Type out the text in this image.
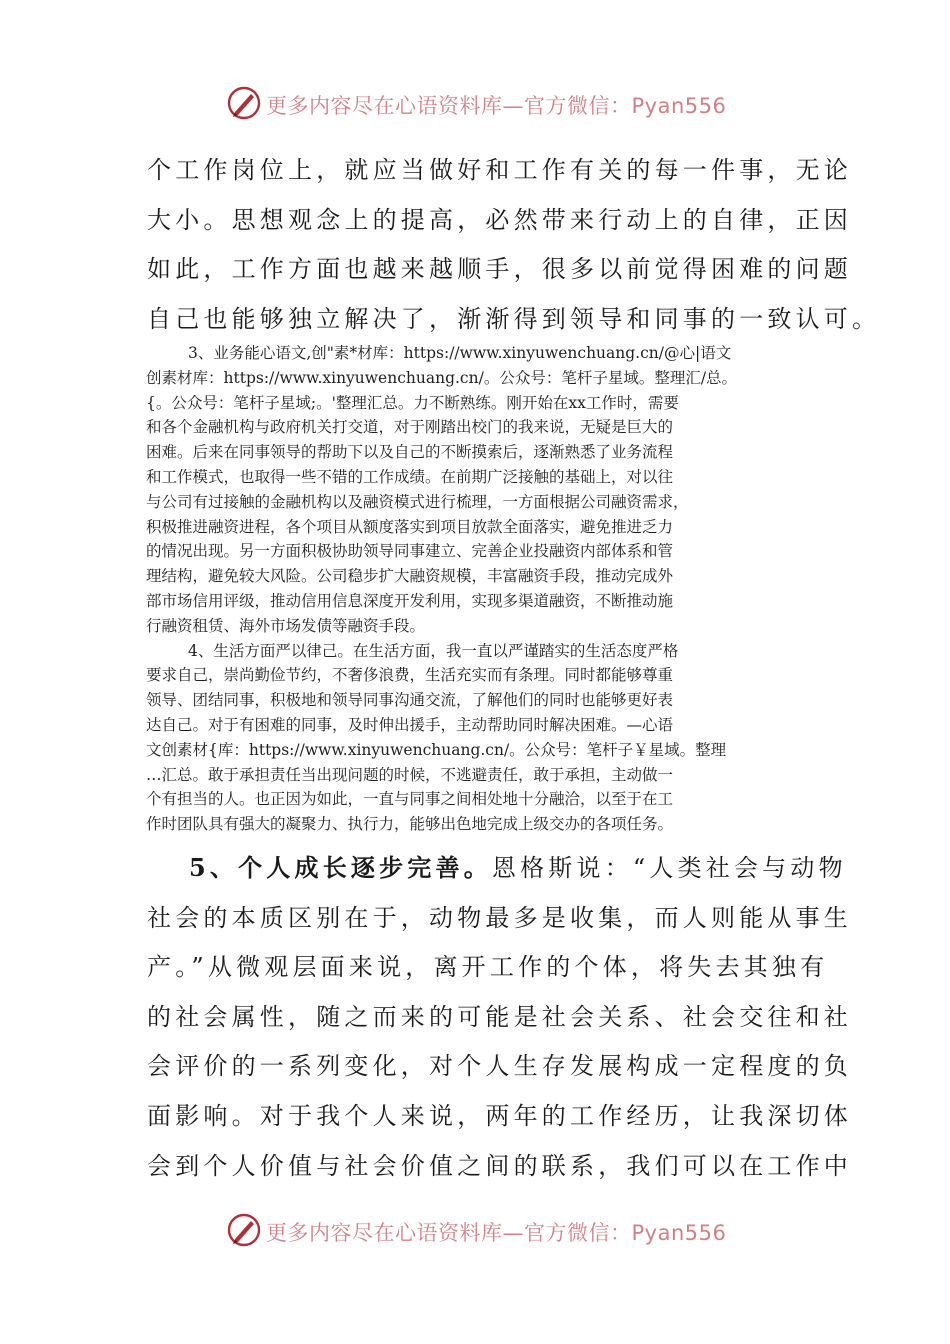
更多内容尽在心语资料库—官方微信：Pyan556
个工作岗位上，就应当做好和工作有关的每一件事，无论
大小。思想观念上的提高，必然带来行动上的自律，正因
如此，工作方面也越来越顺手，很多以前觉得困难的问题
自己也能够独立解决了，渐渐得到领导和同事的一致认可。
3、业务能心语文,创"素*材库：https://www.xinyuwenchuang.cn/@心|语文
创素材库：https://www.xinyuwenchuang.cn/。公众号：笔杆子星域。整理汇/总。
{。公众号：笔杆子星域;。'整理汇总。力不断熟练。刚开始在xx工作时，需要
和各个金融机构与政府机关打交道，对于刚踏出校门的我来说，无疑是巨大的
困难。后来在同事领导的帮助下以及自己的不断摸索后，逐渐熟悉了业务流程
和工作模式，也取得一些不错的工作成绩。在前期广泛接触的基础上，对以往
与公司有过接触的金融机构以及融资模式进行梳理，一方面根据公司融资需求，
积极推进融资进程，各个项目从额度落实到项目放款全面落实，避免推进乏力
的情况出现。另一方面积极协助领导同事建立、完善企业投融资内部体系和管
理结构，避免较大风险。公司稳步扩大融资规模，丰富融资手段，推动完成外
部市场信用评级，推动信用信息深度开发利用，实现多渠道融资，不断推动施
行融资租赁、海外市场发债等融资手段。
4、生活方面严以律己。在生活方面，我一直以严谨踏实的生活态度严格
要求自己，崇尚勤俭节约，不奢侈浪费，生活充实而有条理。同时都能够尊重
领导、团结同事，积极地和领导同事沟通交流，了解他们的同时也能够更好表
达自己。对于有困难的同事，及时伸出援手，主动帮助同时解决困难。—心语
文创素材{库：https://www.xinyuwenchuang.cn/。公众号：笔杆子￥星域。整理
…汇总。敢于承担责任当出现问题的时候，不逃避责任，敢于承担，主动做一
个有担当的人。也正因为如此，一直与同事之间相处地十分融洽，以至于在工
作时团队具有强大的凝聚力、执行力，能够出色地完成上级交办的各项任务。
5、个人成长逐步完善。恩格斯说：“人类社会与动物
社会的本质区别在于，动物最多是收集，而人则能从事生
产。”从微观层面来说，离开工作的个体，将失去其独有
的社会属性，随之而来的可能是社会关系、社会交往和社
会评价的一系列变化，对个人生存发展构成一定程度的负
面影响。对于我个人来说，两年的工作经历，让我深切体
会到个人价值与社会价值之间的联系，我们可以在工作中
更多内容尽在心语资料库—官方微信：Pyan556
